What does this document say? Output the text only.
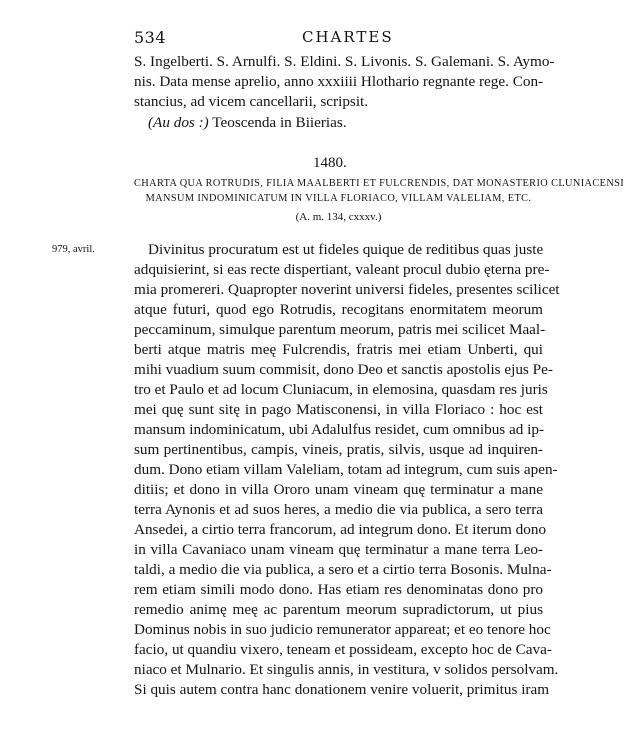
534	CHARTES
S. Ingelberti. S. Arnulfi. S. Eldini. S. Livonis. S. Galemani. S. Aymo-
nis. Data mense aprelio, anno xxxiiii Hlothario regnante rege. Con-
stancius, ad vicem cancellarii, scripsit.
(Au dos :) Teoscenda in Biierias.
1480.
CHARTA QUA ROTRUDIS, FILIA MAALBERTI ET FULCRENDIS, DAT MONASTERIO CLUNIACENSI
MANSUM INDOMINICATUM IN VILLA FLORIACO, VILLAM VALELIAM, ETC.
(A. m. 134, cxxxv.)
979, avril.	Divinitus procuratum est ut fideles quique de reditibus quas juste
adquisierint, si eas recte dispertiant, valeant procul dubio ęterna pre-
mia promereri. Quapropter noverint universi fideles, presentes scilicet
atque futuri, quod ego Rotrudis, recogitans enormitatem meorum
peccaminum, simulque parentum meorum, patris mei scilicet Maal-
berti atque matris meę Fulcrendis, fratris mei etiam Unberti, qui
mihi vuadium suum commisit, dono Deo et sanctis apostolis ejus Pe-
tro et Paulo et ad locum Cluniacum, in elemosina, quasdam res juris
mei quę sunt sitę in pago Matisconensi, in villa Floriaco : hoc est
mansum indominicatum, ubi Adalulfus residet, cum omnibus ad ip-
sum pertinentibus, campis, vineis, pratis, silvis, usque ad inquiren-
dum. Dono etiam villam Valeliam, totam ad integrum, cum suis apen-
ditiis; et dono in villa Ororo unam vineam quę terminatur a mane
terra Aynonis et ad suos heres, a medio die via publica, a sero terra
Ansedei, a cirtio terra francorum, ad integrum dono. Et iterum dono
in villa Cavaniaco unam vineam quę terminatur a mane terra Leo-
taldi, a medio die via publica, a sero et a cirtio terra Bosonis. Mulna-
rem etiam simili modo dono. Has etiam res denominatas dono pro
remedio animę meę ac parentum meorum supradictorum, ut pius
Dominus nobis in suo judicio remunerator appareat; et eo tenore hoc
facio, ut quandiu vixero, teneam et possideam, excepto hoc de Cava-
niaco et Mulnario. Et singulis annis, in vestitura, v solidos persolvam.
Si quis autem contra hanc donationem venire voluerit, primitus iram
